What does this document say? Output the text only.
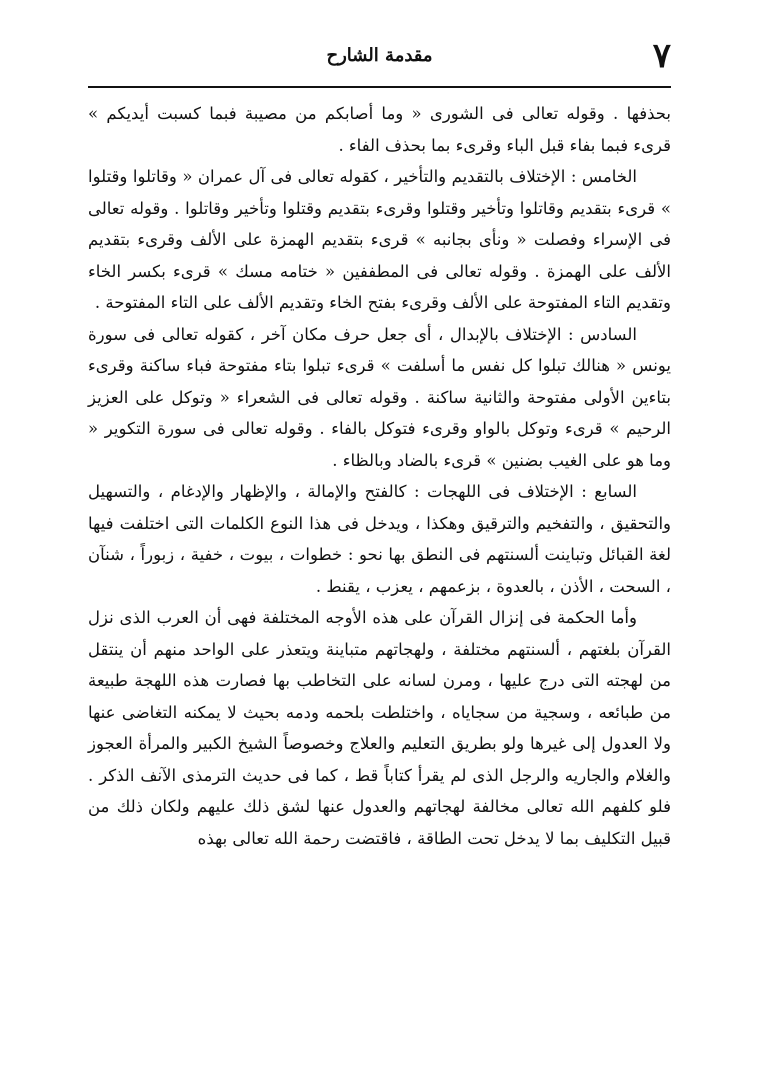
٧
مقدمة الشارح

بحذفها . وقوله تعالى فى الشورى « وما أصابكم من مصيبة فبما كسبت أيديكم » قرىء فبما بفاء قبل الباء وقرىء بما بحذف الفاء .

الخامس : الإختلاف بالتقديم والتأخير ، كقوله تعالى فى آل عمران « وقاتلوا وقتلوا » قرىء بتقديم وقاتلوا وتأخير وقتلوا وقرىء بتقديم وقتلوا وتأخير وقاتلوا . وقوله تعالى فى الإسراء وفصلت « ونأى بجانبه » قرىء بتقديم الهمزة على الألف وقرىء بتقديم الألف على الهمزة . وقوله تعالى فى المطففين « ختامه مسك » قرىء بكسر الخاء وتقديم التاء المفتوحة على الألف وقرىء بفتح الخاء وتقديم الألف على التاء المفتوحة .

السادس : الإختلاف بالإبدال ، أى جعل حرف مكان آخر ، كقوله تعالى فى سورة يونس « هنالك تبلوا كل نفس ما أسلفت » قرىء تبلوا بتاء مفتوحة فباء ساكنة وقرىء بتاءين الأولى مفتوحة والثانية ساكنة . وقوله تعالى فى الشعراء « وتوكل على العزيز الرحيم » قرىء وتوكل بالواو وقرىء فتوكل بالفاء . وقوله تعالى فى سورة التكوير « وما هو على الغيب بضنين » قرىء بالضاد وبالظاء .

السابع : الإختلاف فى اللهجات : كالفتح والإمالة ، والإظهار والإدغام ، والتسهيل والتحقيق ، والتفخيم والترقيق وهكذا ، ويدخل فى هذا النوع الكلمات التى اختلفت فيها لغة القبائل وتباينت ألسنتهم فى النطق بها نحو : خطوات ، بيوت ، خفية ، زبوراً ، شنآن ، السحت ، الأذن ، بالعدوة ، بزعمهم ، يعزب ، يقنط .

وأما الحكمة فى إنزال القرآن على هذه الأوجه المختلفة فهى أن العرب الذى نزل القرآن بلغتهم ، ألسنتهم مختلفة ، ولهجاتهم متباينة ويتعذر على الواحد منهم أن ينتقل من لهجته التى درج عليها ، ومرن لسانه على التخاطب بها فصارت هذه اللهجة طبيعة من طبائعه ، وسجية من سجاياه ، واختلطت بلحمه ودمه بحيث لا يمكنه التغاضى عنها ولا العدول إلى غيرها ولو بطريق التعليم والعلاج وخصوصاً الشيخ الكبير والمرأة العجوز والغلام والجاريه والرجل الذى لم يقرأ كتاباً قط ، كما فى حديث الترمذى الآنف الذكر . فلو كلفهم الله تعالى مخالفة لهجاتهم والعدول عنها لشق ذلك عليهم ولكان ذلك من قبيل التكليف بما لا يدخل تحت الطاقة ، فاقتضت رحمة الله تعالى بهذه
